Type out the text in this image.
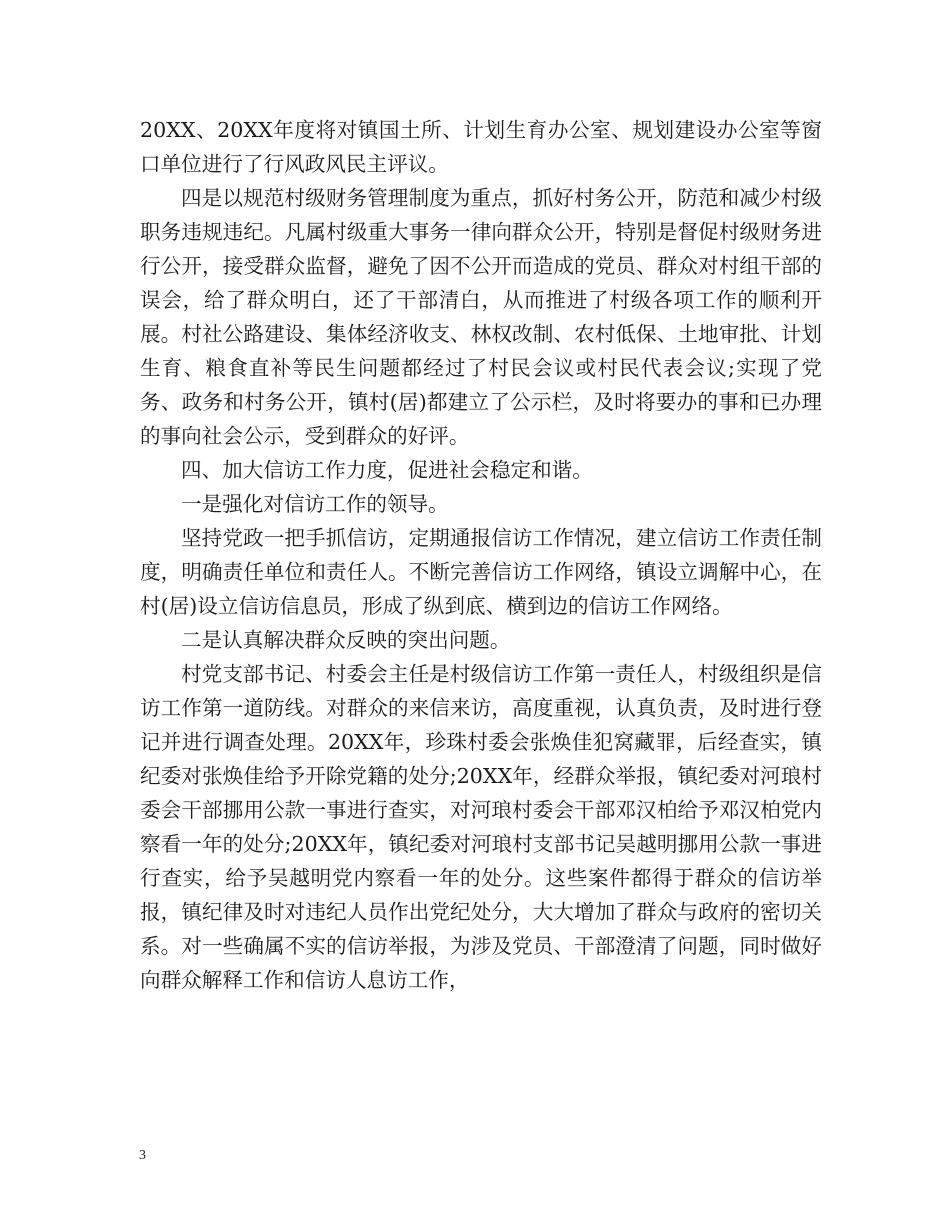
20XX、20XX年度将对镇国土所、计划生育办公室、规划建设办公室等窗口单位进行了行风政风民主评议。

四是以规范村级财务管理制度为重点，抓好村务公开，防范和减少村级职务违规违纪。凡属村级重大事务一律向群众公开，特别是督促村级财务进行公开，接受群众监督，避免了因不公开而造成的党员、群众对村组干部的误会，给了群众明白，还了干部清白，从而推进了村级各项工作的顺利开展。村社公路建设、集体经济收支、林权改制、农村低保、土地审批、计划生育、粮食直补等民生问题都经过了村民会议或村民代表会议;实现了党务、政务和村务公开，镇村(居)都建立了公示栏，及时将要办的事和已办理的事向社会公示，受到群众的好评。

四、加大信访工作力度，促进社会稳定和谐。

一是强化对信访工作的领导。

坚持党政一把手抓信访，定期通报信访工作情况，建立信访工作责任制度，明确责任单位和责任人。不断完善信访工作网络，镇设立调解中心，在村(居)设立信访信息员，形成了纵到底、横到边的信访工作网络。

二是认真解决群众反映的突出问题。

村党支部书记、村委会主任是村级信访工作第一责任人，村级组织是信访工作第一道防线。对群众的来信来访，高度重视，认真负责，及时进行登记并进行调查处理。20XX年，珍珠村委会张焕佳犯窝藏罪，后经查实，镇纪委对张焕佳给予开除党籍的处分;20XX年，经群众举报，镇纪委对河琅村委会干部挪用公款一事进行查实，对河琅村委会干部邓汉柏给予邓汉柏党内察看一年的处分;20XX年，镇纪委对河琅村支部书记吴越明挪用公款一事进行查实，给予吴越明党内察看一年的处分。这些案件都得于群众的信访举报，镇纪律及时对违纪人员作出党纪处分，大大增加了群众与政府的密切关系。对一些确属不实的信访举报，为涉及党员、干部澄清了问题，同时做好向群众解释工作和信访人息访工作，

3
